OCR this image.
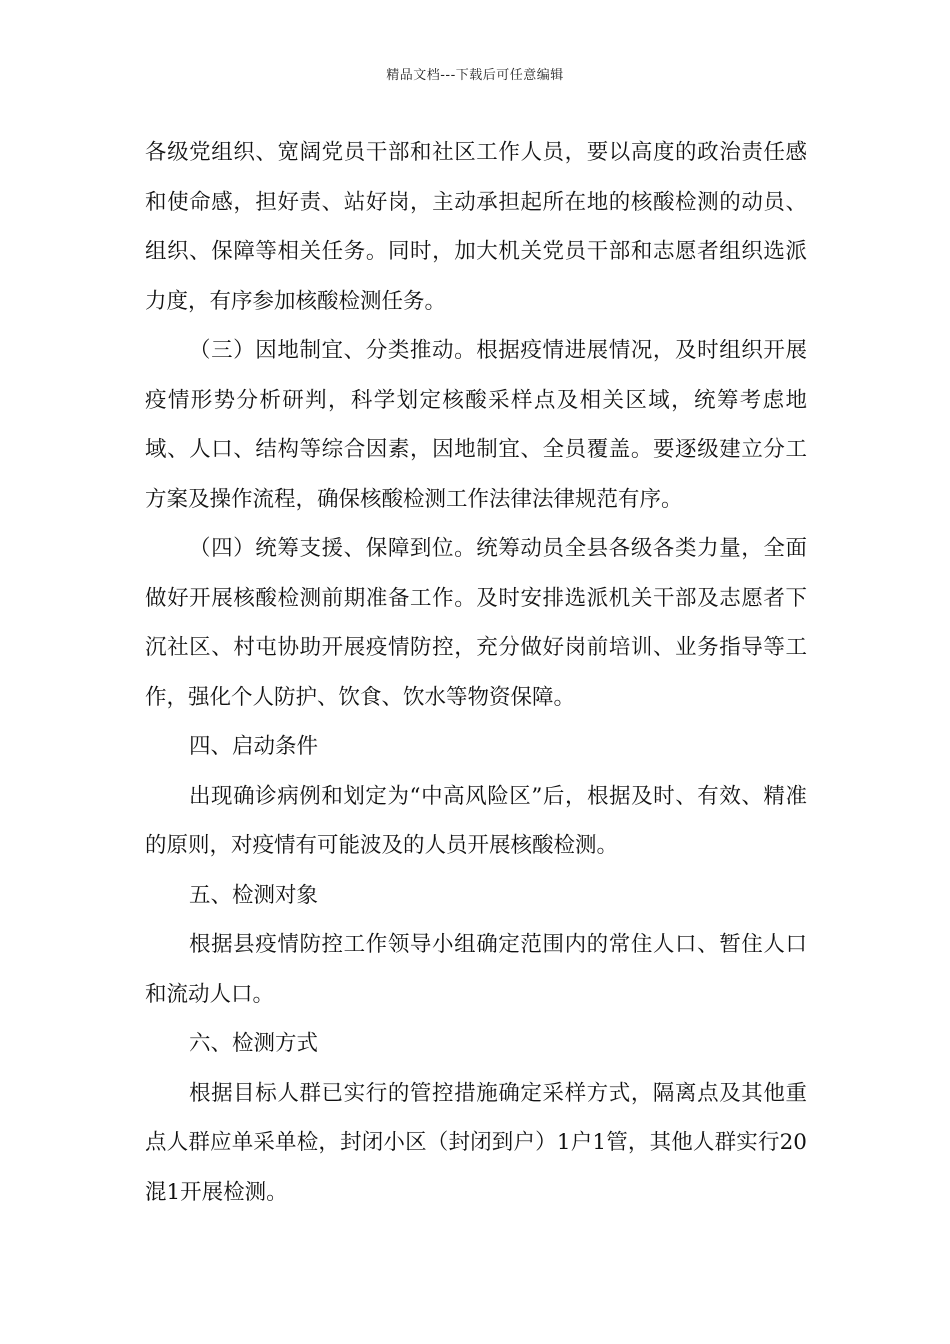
精品文档---下载后可任意编辑

各级党组织、宽阔党员干部和社区工作人员，要以高度的政治责任感和使命感，担好责、站好岗，主动承担起所在地的核酸检测的动员、组织、保障等相关任务。同时，加大机关党员干部和志愿者组织选派力度，有序参加核酸检测任务。

（三）因地制宜、分类推动。根据疫情进展情况，及时组织开展疫情形势分析研判，科学划定核酸采样点及相关区域，统筹考虑地域、人口、结构等综合因素，因地制宜、全员覆盖。要逐级建立分工方案及操作流程，确保核酸检测工作法律法律规范有序。

（四）统筹支援、保障到位。统筹动员全县各级各类力量，全面做好开展核酸检测前期准备工作。及时安排选派机关干部及志愿者下沉社区、村屯协助开展疫情防控，充分做好岗前培训、业务指导等工作，强化个人防护、饮食、饮水等物资保障。

四、启动条件

出现确诊病例和划定为“中高风险区”后，根据及时、有效、精准的原则，对疫情有可能波及的人员开展核酸检测。

五、检测对象

根据县疫情防控工作领导小组确定范围内的常住人口、暂住人口和流动人口。

六、检测方式

根据目标人群已实行的管控措施确定采样方式，隔离点及其他重点人群应单采单检，封闭小区（封闭到户）1户1管，其他人群实行20混1开展检测。
